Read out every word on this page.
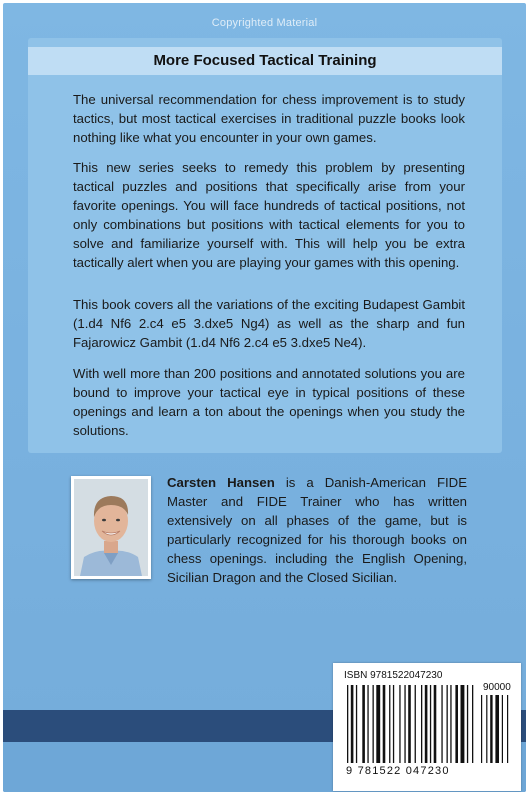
Copyrighted Material
More Focused Tactical Training

The universal recommendation for chess improvement is to study tactics, but most tactical exercises in traditional puzzle books look nothing like what you encounter in your own games.

This new series seeks to remedy this problem by presenting tactical puzzles and positions that specifically arise from your favorite openings. You will face hundreds of tactical positions, not only combinations but positions with tactical elements for you to solve and familiarize yourself with. This will help you be extra tactically alert when you are playing your games with this opening.

This book covers all the variations of the exciting Budapest Gambit (1.d4 Nf6 2.c4 e5 3.dxe5 Ng4) as well as the sharp and fun Fajarowicz Gambit (1.d4 Nf6 2.c4 e5 3.dxe5 Ne4).

With well more than 200 positions and annotated solutions you are bound to improve your tactical eye in typical positions of these openings and learn a ton about the openings when you study the solutions.

Carsten Hansen is a Danish-American FIDE Master and FIDE Trainer who has written extensively on all phases of the game, but is particularly recognized for his thorough books on chess openings. including the English Opening, Sicilian Dragon and the Closed Sicilian.

ISBN 9781522047230
90000
9 781522 047230
